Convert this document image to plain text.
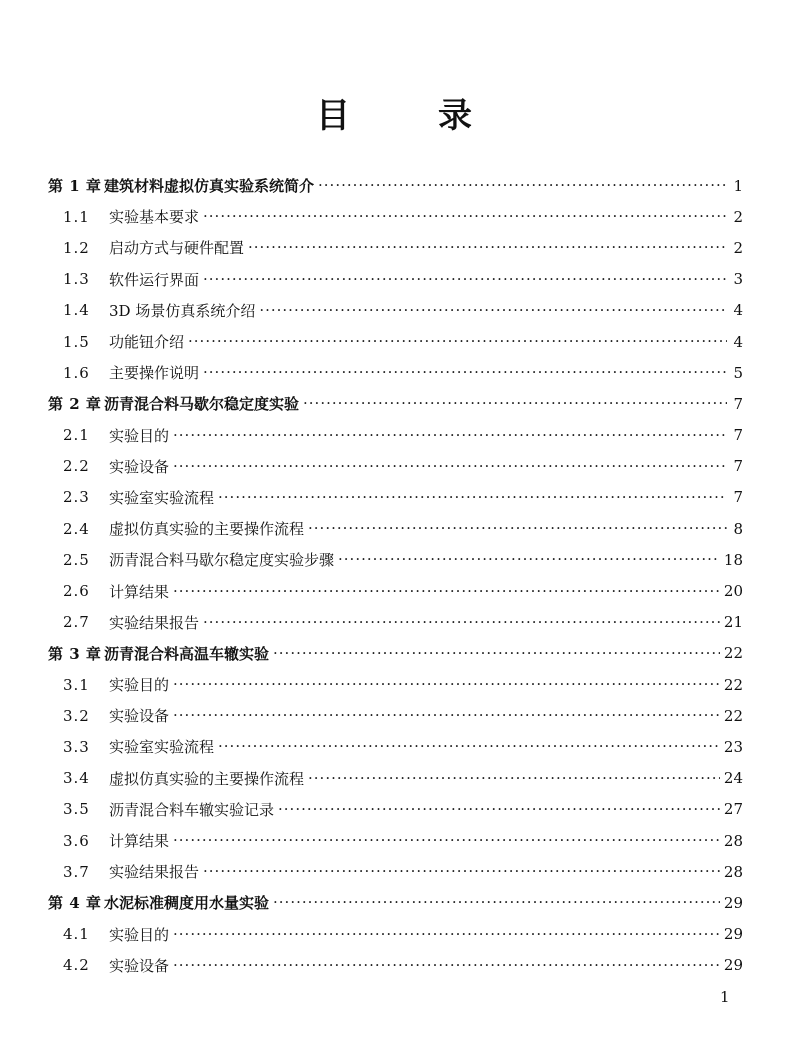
目	录
第 1 章 建筑材料虚拟仿真实验系统简介 ·····	1
1.1	实验基本要求 ·····	2
1.2	启动方式与硬件配置 ·····	2
1.3	软件运行界面 ·····	3
1.4	3D 场景仿真系统介绍 ·····	4
1.5	功能钮介绍 ·····	4
1.6	主要操作说明 ·····	5
第 2 章 沥青混合料马歇尔稳定度实验 ·····	7
2.1	实验目的 ·····	7
2.2	实验设备 ·····	7
2.3	实验室实验流程 ·····	7
2.4	虚拟仿真实验的主要操作流程 ·····	8
2.5	沥青混合料马歇尔稳定度实验步骤 ·····	18
2.6	计算结果 ·····	20
2.7	实验结果报告 ·····	21
第 3 章 沥青混合料高温车辙实验 ·····	22
3.1	实验目的 ·····	22
3.2	实验设备 ·····	22
3.3	实验室实验流程 ·····	23
3.4	虚拟仿真实验的主要操作流程 ·····	24
3.5	沥青混合料车辙实验记录 ·····	27
3.6	计算结果 ·····	28
3.7	实验结果报告 ·····	28
第 4 章 水泥标准稠度用水量实验 ·····	29
4.1	实验目的 ·····	29
4.2	实验设备 ·····	29
1
